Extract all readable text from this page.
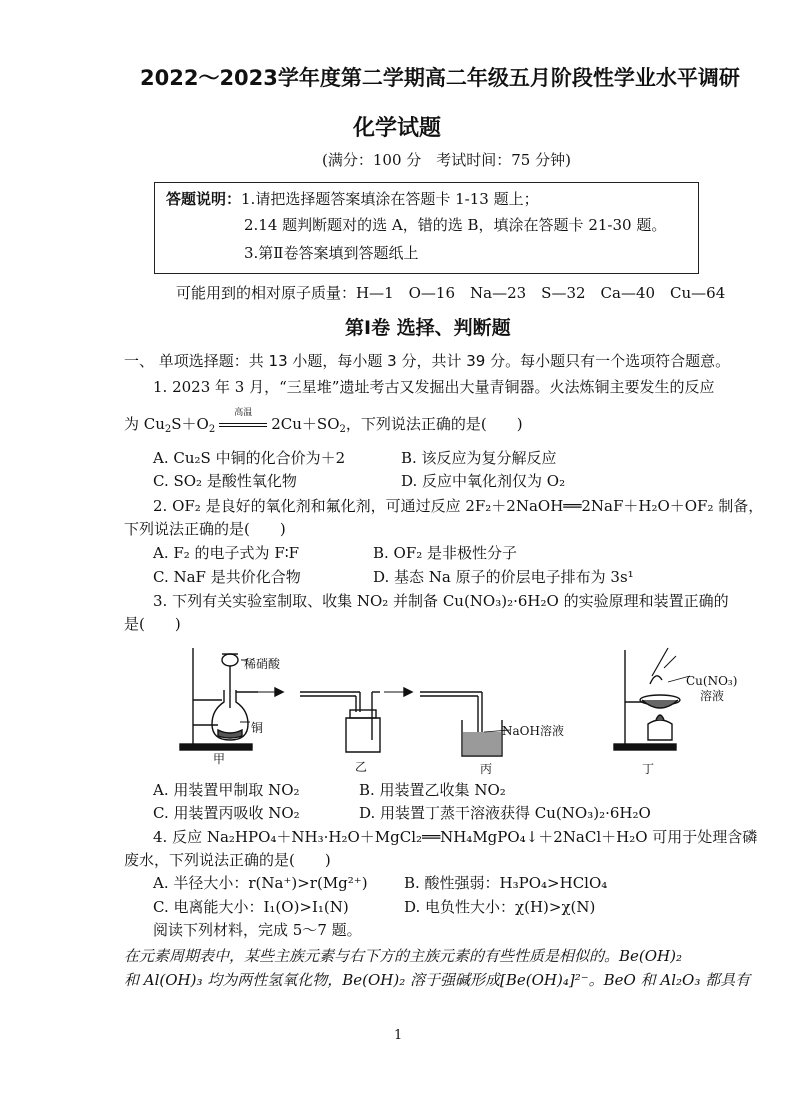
2022～2023学年度第二学期高二年级五月阶段性学业水平调研
化学试题
(满分：100 分　考试时间：75 分钟)
答题说明：1.请把选择题答案填涂在答题卡 1-13 题上；
2.14 题判断题对的选 A，错的选 B，填涂在答题卡 21-30 题。
3.第Ⅱ卷答案填到答题纸上
可能用到的相对原子质量：H—1　O—16　Na—23　S—32　Ca—40　Cu—64
第Ⅰ卷 选择、判断题
一、 单项选择题：共 13 小题，每小题 3 分，共计 39 分。每小题只有一个选项符合题意。
1. 2023 年 3 月，“三星堆”遗址考古又发掘出大量青铜器。火法炼铜主要发生的反应
为 $Cu_2S+O_2$
高温
$2Cu+SO_2$，下列说法正确的是(　　)
A. Cu₂S 中铜的化合价为＋2	B. 该反应为复分解反应
C. SO₂ 是酸性氧化物	D. 反应中氧化剂仅为 O₂
2. OF₂ 是良好的氧化剂和氟化剂，可通过反应 2F₂＋2NaOH══2NaF＋H₂O＋OF₂ 制备，
下列说法正确的是(　　)
A. F₂ 的电子式为 F∶F	B. OF₂ 是非极性分子
C. NaF 是共价化合物	D. 基态 Na 原子的价层电子排布为 3s¹
3. 下列有关实验室制取、收集 NO₂ 并制备 Cu(NO₃)₂·6H₂O 的实验原理和装置正确的
是(　　)
稀硝酸
铜	NaOH溶液
Cu(NO₃)
溶液
甲
乙	丙	丁
A. 用装置甲制取 NO₂	B. 用装置乙收集 NO₂
C. 用装置丙吸收 NO₂	D. 用装置丁蒸干溶液获得 Cu(NO₃)₂·6H₂O
4. 反应 Na₂HPO₄＋NH₃·H₂O＋MgCl₂══NH₄MgPO₄↓＋2NaCl＋H₂O 可用于处理含磷
废水，下列说法正确的是(　　)
A. 半径大小：r(Na⁺)>r(Mg²⁺) B. 酸性强弱：H₃PO₄>HClO₄
C. 电离能大小：I₁(O)>I₁(N)	D. 电负性大小：χ(H)>χ(N)
阅读下列材料，完成 5～7 题。
在元素周期表中，某些主族元素与右下方的主族元素的有些性质是相似的。Be(OH)₂
和 Al(OH)₃ 均为两性氢氧化物，Be(OH)₂ 溶于强碱形成[Be(OH)₄]²⁻。BeO 和 Al₂O₃ 都具有
1
